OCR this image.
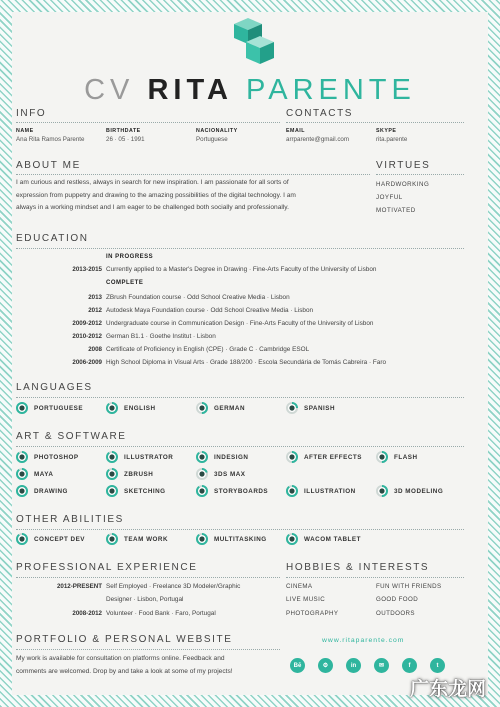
CV RITA PARENTE
INFO	CONTACTS
NAME
Ana Rita Ramos Parente
BIRTHDATE
26 · 05 · 1991
NACIONALITY
Portuguese
EMAIL
arrparente@gmail.com
SKYPE
rita.parente
ABOUT ME	VIRTUES
I am curious and restless, always in search for new inspiration. I am passionate for all sorts of
expression from puppetry and drawing to the amazing possibilities of the digital technology. I am
always in a working mindset and I am eager to be challenged both socially and professionally.
HARDWORKING
JOYFUL
MOTIVATED
EDUCATION
IN PROGRESS
2013-2015 Currently applied to a Master's Degree in Drawing · Fine-Arts Faculty of the University of Lisbon
COMPLETE
2013 ZBrush Foundation course · Odd School Creative Media · Lisbon
2012 Autodesk Maya Foundation course · Odd School Creative Media · Lisbon
2009-2012 Undergraduate course in Communication Design · Fine-Arts Faculty of the University of Lisbon
2010-2012 German B1.1 · Goethe Institut · Lisbon
2008 Certificate of Proficiency in English (CPE) · Grade C · Cambridge ESOL
2006-2009 High School Diploma in Visual Arts · Grade 188/200 · Escola Secundária de Tomás Cabreira · Faro
LANGUAGES
PORTUGUESE	ENGLISH	GERMAN	SPANISH
ART & SOFTWARE
PHOTOSHOP	ILLUSTRATOR	INDESIGN	AFTER EFFECTS	FLASH
MAYA	ZBRUSH	3DS MAX
DRAWING	SKETCHING	STORYBOARDS	ILLUSTRATION	3D MODELING
OTHER ABILITIES
CONCEPT DEV	TEAM WORK	MULTITASKING	WACOM TABLET
PROFESSIONAL EXPERIENCE	HOBBIES & INTERESTS
2012-PRESENT Self Employed · Freelance 3D Modeler/Graphic
Designer · Lisbon, Portugal
2008-2012 Volunteer · Food Bank · Faro, Portugal
CINEMA
LIVE MUSIC
PHOTOGRAPHY
FUN WITH FRIENDS
GOOD FOOD
OUTDOORS
PORTFOLIO & PERSONAL WEBSITE	www.ritaparente.com
My work is available for consultation on platforms online. Feedback and
comments are welcomed. Drop by and take a look at some of my projects!
Bē	⚙	in	✉	f	t
广东龙网
